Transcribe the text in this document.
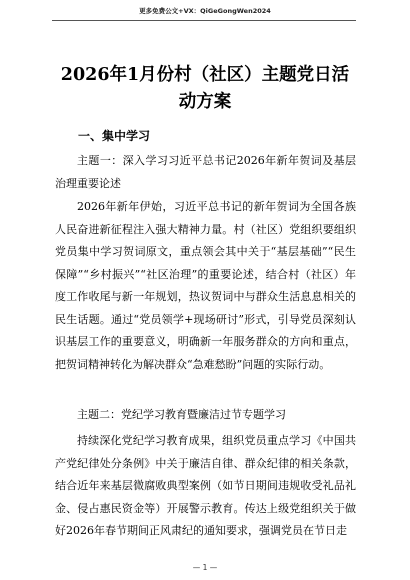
更多免费公文+VX：QiGeGongWen2024
2026年1月份村（社区）主题党日活动方案
一、集中学习

主题一：深入学习习近平总书记2026年新年贺词及基层治理重要论述

2026年新年伊始，习近平总书记的新年贺词为全国各族人民奋进新征程注入强大精神力量。村（社区）党组织要组织党员集中学习贺词原文，重点领会其中关于“基层基础”“民生保障”“乡村振兴”“社区治理”的重要论述，结合村（社区）年度工作收尾与新一年规划，热议贺词中与群众生活息息相关的民生话题。通过“党员领学+现场研讨”形式，引导党员深刻认识基层工作的重要意义，明确新一年服务群众的方向和重点，把贺词精神转化为解决群众“急难愁盼”问题的实际行动。

主题二：党纪学习教育暨廉洁过节专题学习

持续深化党纪学习教育成果，组织党员重点学习《中国共产党纪律处分条例》中关于廉洁自律、群众纪律的相关条款，结合近年来基层微腐败典型案例（如节日期间违规收受礼品礼金、侵占惠民资金等）开展警示教育。传达上级党组织关于做好2026年春节期间正风肃纪的通知要求，强调党员在节日走

— 1 —
